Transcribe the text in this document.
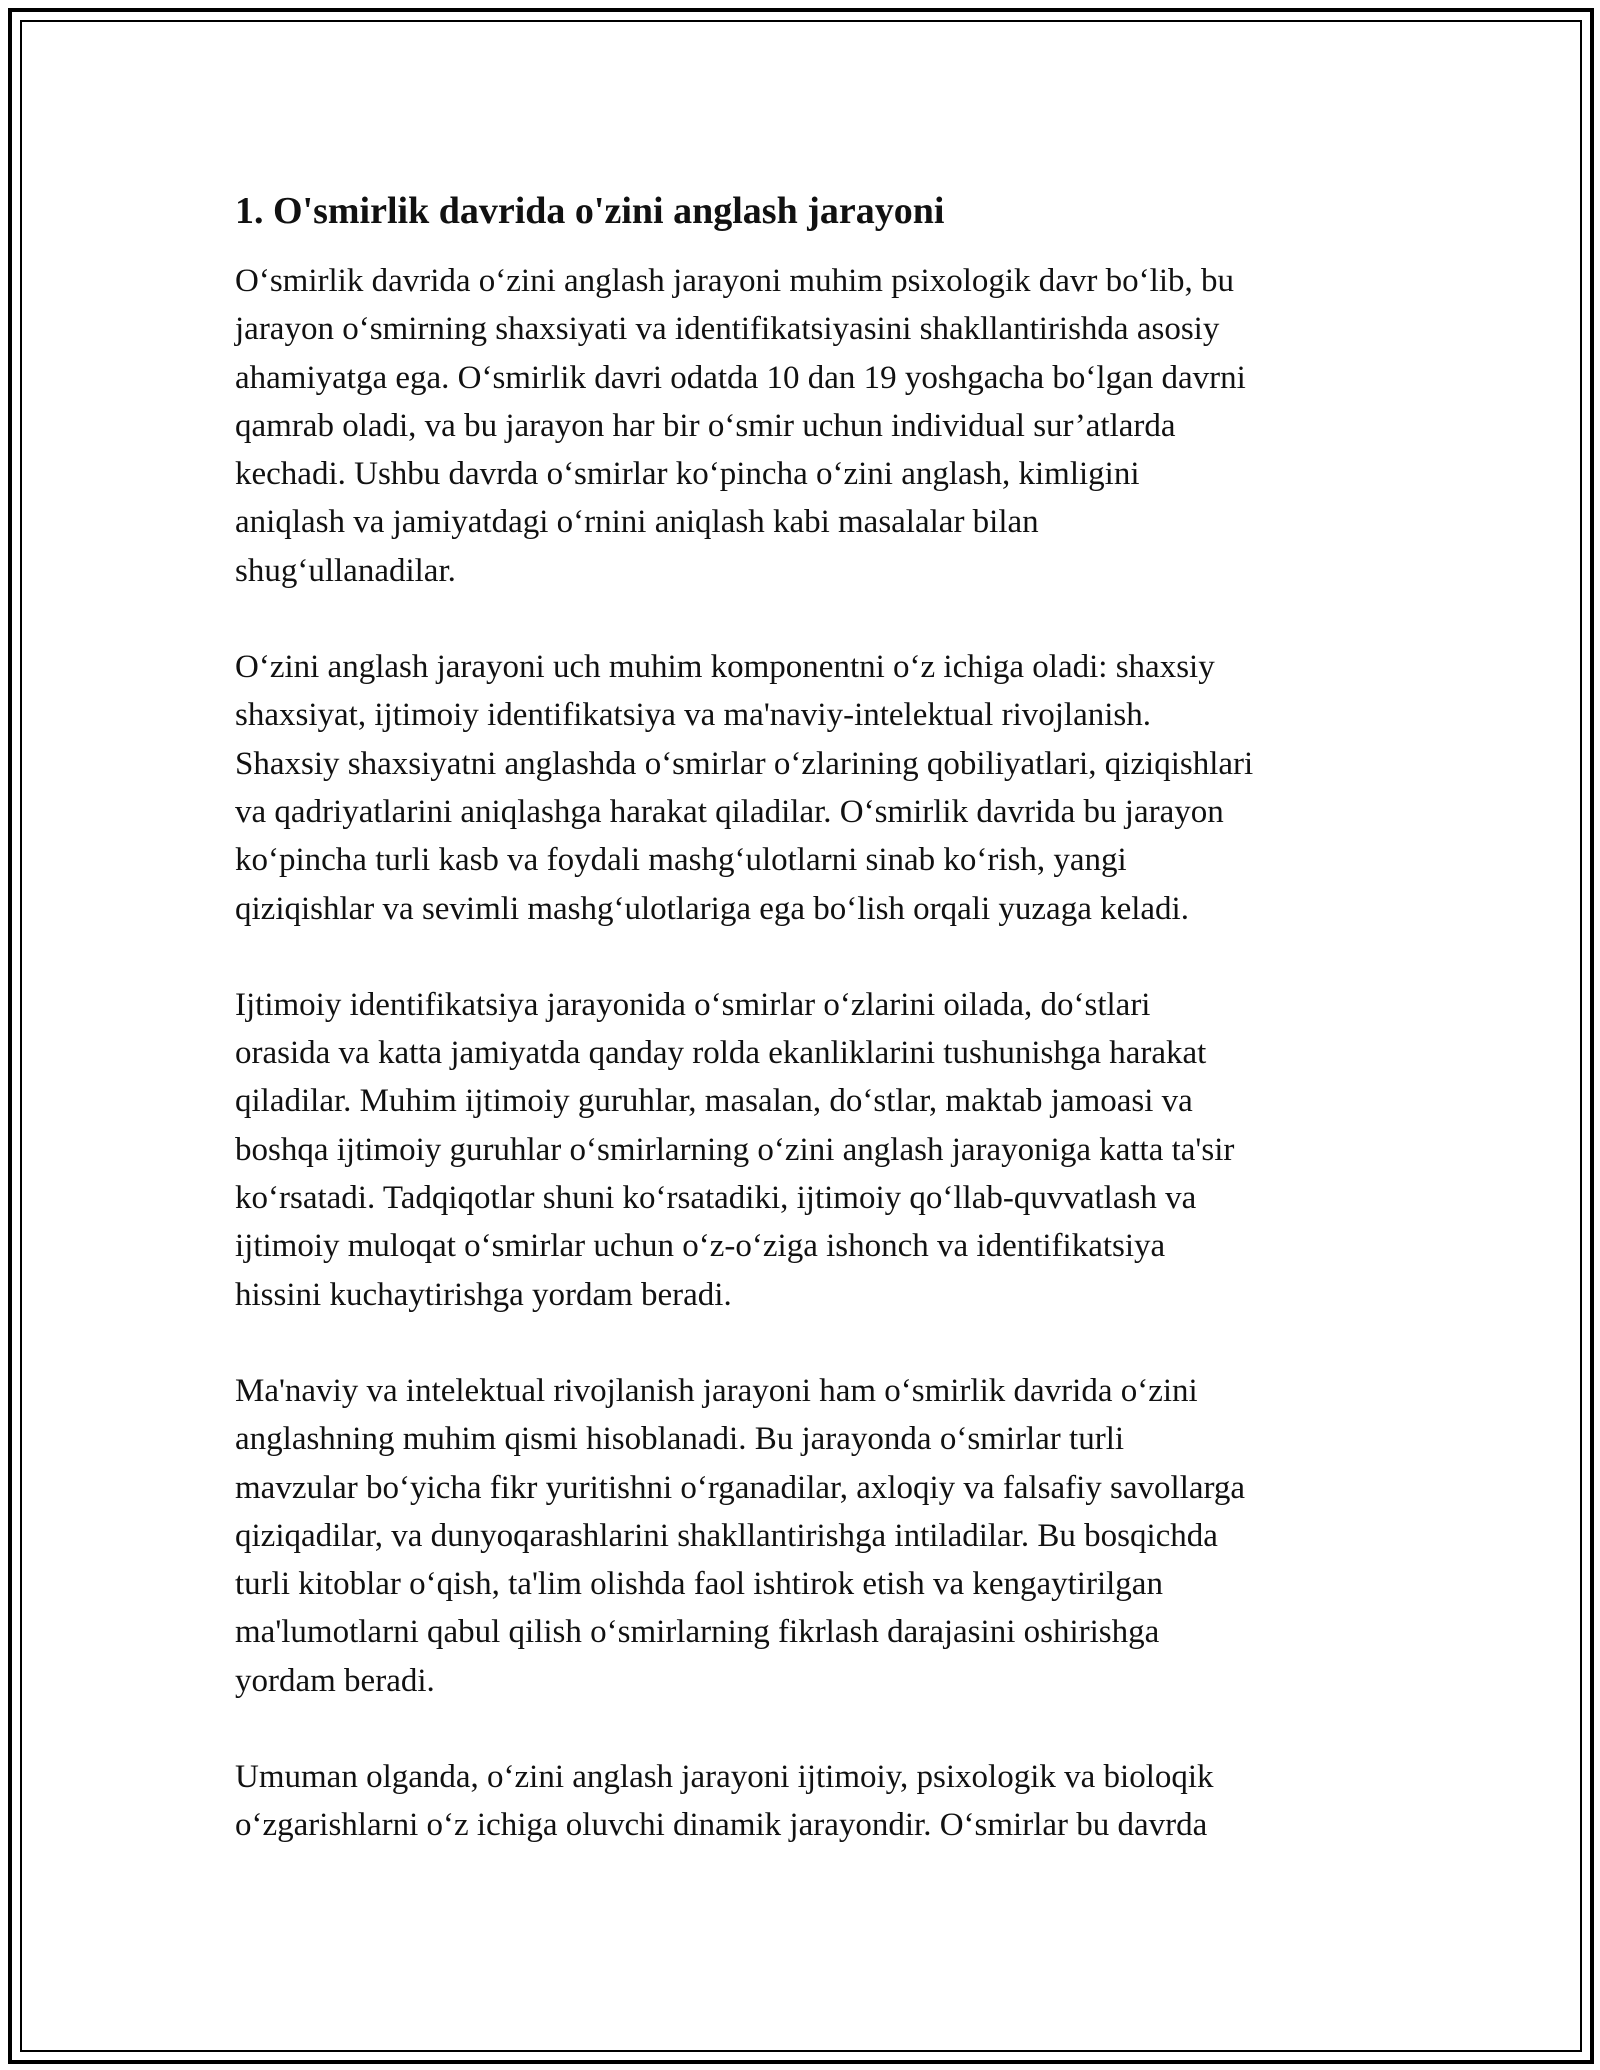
1. O'smirlik davrida o'zini anglash jarayoni

O‘smirlik davrida o‘zini anglash jarayoni muhim psixologik davr bo‘lib, bu
jarayon o‘smirning shaxsiyati va identifikatsiyasini shakllantirishda asosiy
ahamiyatga ega. O‘smirlik davri odatda 10 dan 19 yoshgacha bo‘lgan davrni
qamrab oladi, va bu jarayon har bir o‘smir uchun individual sur’atlarda
kechadi. Ushbu davrda o‘smirlar ko‘pincha o‘zini anglash, kimligini
aniqlash va jamiyatdagi o‘rnini aniqlash kabi masalalar bilan
shug‘ullanadilar.

O‘zini anglash jarayoni uch muhim komponentni o‘z ichiga oladi: shaxsiy
shaxsiyat, ijtimoiy identifikatsiya va ma'naviy-intelektual rivojlanish.
Shaxsiy shaxsiyatni anglashda o‘smirlar o‘zlarining qobiliyatlari, qiziqishlari
va qadriyatlarini aniqlashga harakat qiladilar. O‘smirlik davrida bu jarayon
ko‘pincha turli kasb va foydali mashg‘ulotlarni sinab ko‘rish, yangi
qiziqishlar va sevimli mashg‘ulotlariga ega bo‘lish orqali yuzaga keladi.

Ijtimoiy identifikatsiya jarayonida o‘smirlar o‘zlarini oilada, do‘stlari
orasida va katta jamiyatda qanday rolda ekanliklarini tushunishga harakat
qiladilar. Muhim ijtimoiy guruhlar, masalan, do‘stlar, maktab jamoasi va
boshqa ijtimoiy guruhlar o‘smirlarning o‘zini anglash jarayoniga katta ta'sir
ko‘rsatadi. Tadqiqotlar shuni ko‘rsatadiki, ijtimoiy qo‘llab-quvvatlash va
ijtimoiy muloqat o‘smirlar uchun o‘z-o‘ziga ishonch va identifikatsiya
hissini kuchaytirishga yordam beradi.

Ma'naviy va intelektual rivojlanish jarayoni ham o‘smirlik davrida o‘zini
anglashning muhim qismi hisoblanadi. Bu jarayonda o‘smirlar turli
mavzular bo‘yicha fikr yuritishni o‘rganadilar, axloqiy va falsafiy savollarga
qiziqadilar, va dunyoqarashlarini shakllantirishga intiladilar. Bu bosqichda
turli kitoblar o‘qish, ta'lim olishda faol ishtirok etish va kengaytirilgan
ma'lumotlarni qabul qilish o‘smirlarning fikrlash darajasini oshirishga
yordam beradi.

Umuman olganda, o‘zini anglash jarayoni ijtimoiy, psixologik va bioloqik
o‘zgarishlarni o‘z ichiga oluvchi dinamik jarayondir. O‘smirlar bu davrda
